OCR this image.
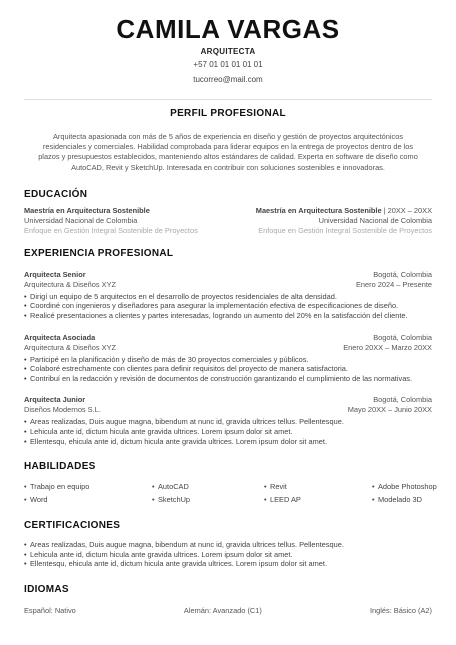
CAMILA VARGAS
ARQUITECTA
+57 01 01 01 01 01
tucorreo@mail.com
PERFIL PROFESIONAL
Arquitecta apasionada con más de 5 años de experiencia en diseño y gestión de proyectos arquitectónicos residenciales y comerciales. Habilidad comprobada para liderar equipos en la entrega de proyectos dentro de los plazos y presupuestos establecidos, manteniendo altos estándares de calidad. Experta en software de diseño como AutoCAD, Revit y SketchUp. Interesada en contribuir con soluciones sostenibles e innovadoras.
EDUCACIÓN
Maestría en Arquitectura Sostenible	Maestría en Arquitectura Sostenible | 20XX – 20XX
Universidad Nacional de Colombia	Universidad Nacional de Colombia
Enfoque en Gestión Integral Sostenible de Proyectos	Enfoque en Gestión Integral Sostenible de Proyectos
EXPERIENCIA PROFESIONAL
Arquitecta Senior	Bogotá, Colombia
Arquitectura & Diseños XYZ	Enero 2024 – Presente
• Dirigí un equipo de 5 arquitectos en el desarrollo de proyectos residenciales de alta densidad.
• Coordiné con ingenieros y diseñadores para asegurar la implementación efectiva de especificaciones de diseño.
• Realicé presentaciones a clientes y partes interesadas, logrando un aumento del 20% en la satisfacción del cliente.
Arquitecta Asociada	Bogotá, Colombia
Arquitectura & Diseños XYZ	Enero 20XX – Marzo 20XX
• Participé en la planificación y diseño de más de 30 proyectos comerciales y públicos.
• Colaboré estrechamente con clientes para definir requisitos del proyecto de manera satisfactoria.
• Contribuí en la redacción y revisión de documentos de construcción garantizando el cumplimiento de las normativas.
Arquitecta Junior	Bogotá, Colombia
Diseños Modernos S.L.	Mayo 20XX – Junio 20XX
• Areas realizadas, Duis augue magna, bibendum at nunc id, gravida ultrices tellus. Pellentesque.
• Lehicula ante id, dictum hicula ante gravida ultrices. Lorem ipsum dolor sit amet.
• Ellentesqu, ehicula ante id, dictum hicula ante gravida ultrices. Lorem ipsum dolor sit amet.
HABILIDADES
• Trabajo en equipo	• AutoCAD	• Revit	• Adobe Photoshop
• Word	• SketchUp	• LEED AP	• Modelado 3D
CERTIFICACIONES
• Areas realizadas, Duis augue magna, bibendum at nunc id, gravida ultrices tellus. Pellentesque.
• Lehicula ante id, dictum hicula ante gravida ultrices. Lorem ipsum dolor sit amet.
• Ellentesqu, ehicula ante id, dictum hicula ante gravida ultrices. Lorem ipsum dolor sit amet.
IDIOMAS
Español: Nativo	Alemán: Avanzado (C1)	Inglés: Básico (A2)
